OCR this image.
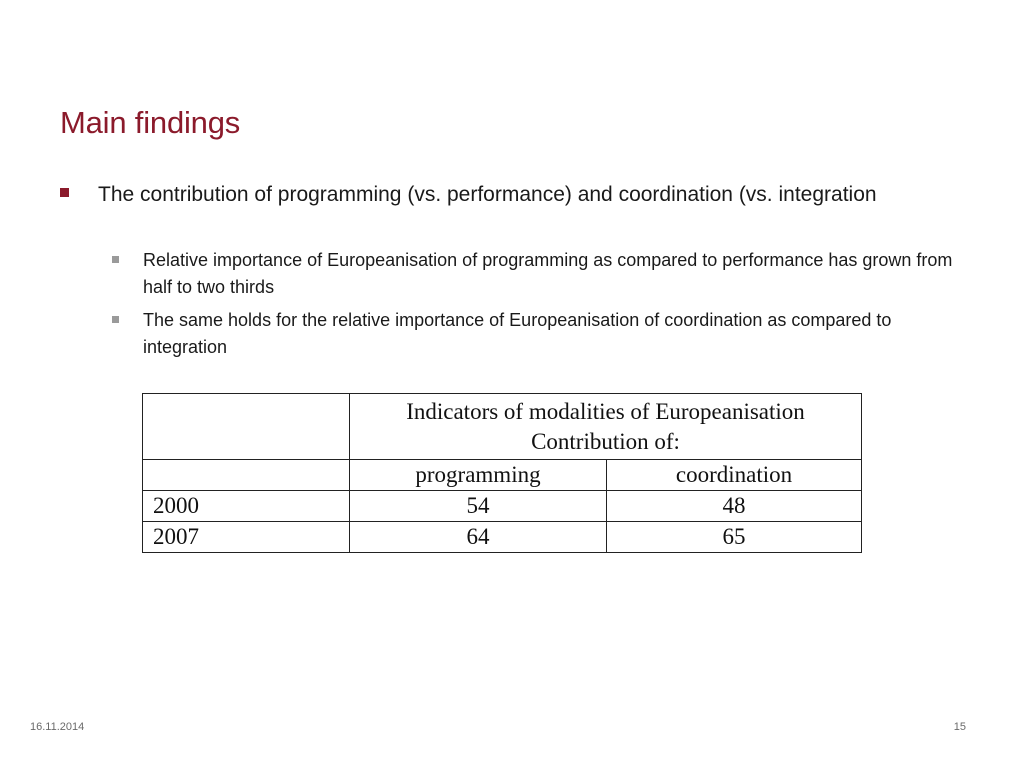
Main findings
The contribution of programming (vs. performance) and coordination (vs. integration
Relative importance of Europeanisation of programming as compared to performance has grown from half to two thirds
The same holds for the relative importance of Europeanisation of coordination as compared to integration

	Indicators of modalities of Europeanisation
Contribution of:	

	programming	coordination
2000	54	48
2007	64	65
16.11.2014	15
